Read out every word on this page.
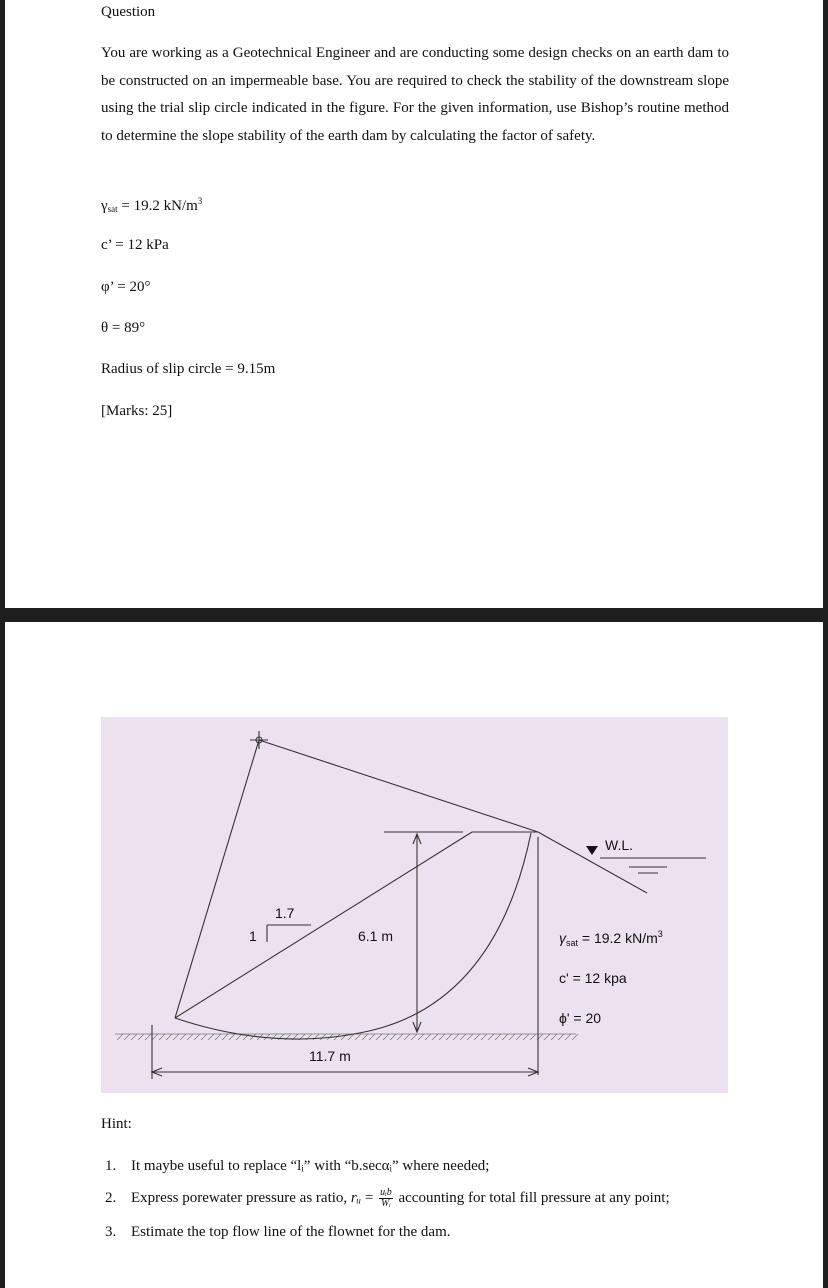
Question
You are working as a Geotechnical Engineer and are conducting some design checks on an earth dam to be constructed on an impermeable base. You are required to check the stability of the downstream slope using the trial slip circle indicated in the figure. For the given information, use Bishop’s routine method to determine the slope stability of the earth dam by calculating the factor of safety.
$\gamma_{sat} = 19.2$ $kN/m^3$
c’ = 12 kPa
φ’ = 20°
θ = 89°
Radius of slip circle = 9.15m
[Marks: 25]
1.7
1	6.1 m
11.7 m
W.L.
$\gamma_{sat} = 19.2$ $kN/m^3$
c' = 12 kpa
ϕ' = 20
Hint:
1. It maybe useful to replace “lᵢ” with “b.secαᵢ” where needed;
2. Express porewater pressure as ratio, rᵤ = $\frac{\text{uᵢb}}{\text{Wᵢ}}$ accounting for total fill pressure at any point;
3. Estimate the top flow line of the flownet for the dam.
